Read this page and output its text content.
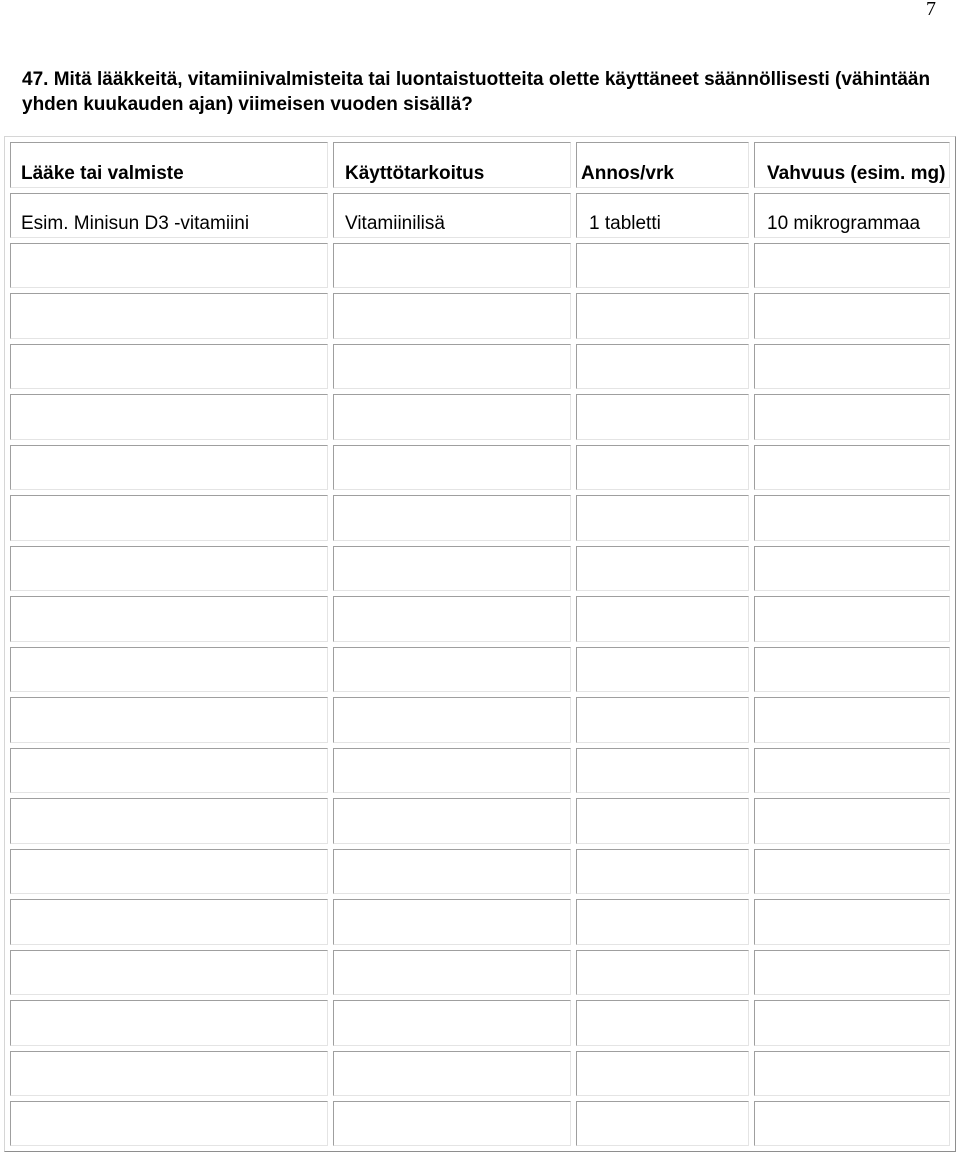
7
47. Mitä lääkkeitä, vitamiinivalmisteita tai luontaistuotteita olette käyttäneet säännöllisesti (vähintään
yhden kuukauden ajan) viimeisen vuoden sisällä?
Lääke tai valmiste	Käyttötarkoitus	Annos/vrk	Vahvuus (esim. mg)
Esim. Minisun D3 -vitamiini	Vitamiinilisä	1 tabletti	10 mikrogrammaa
